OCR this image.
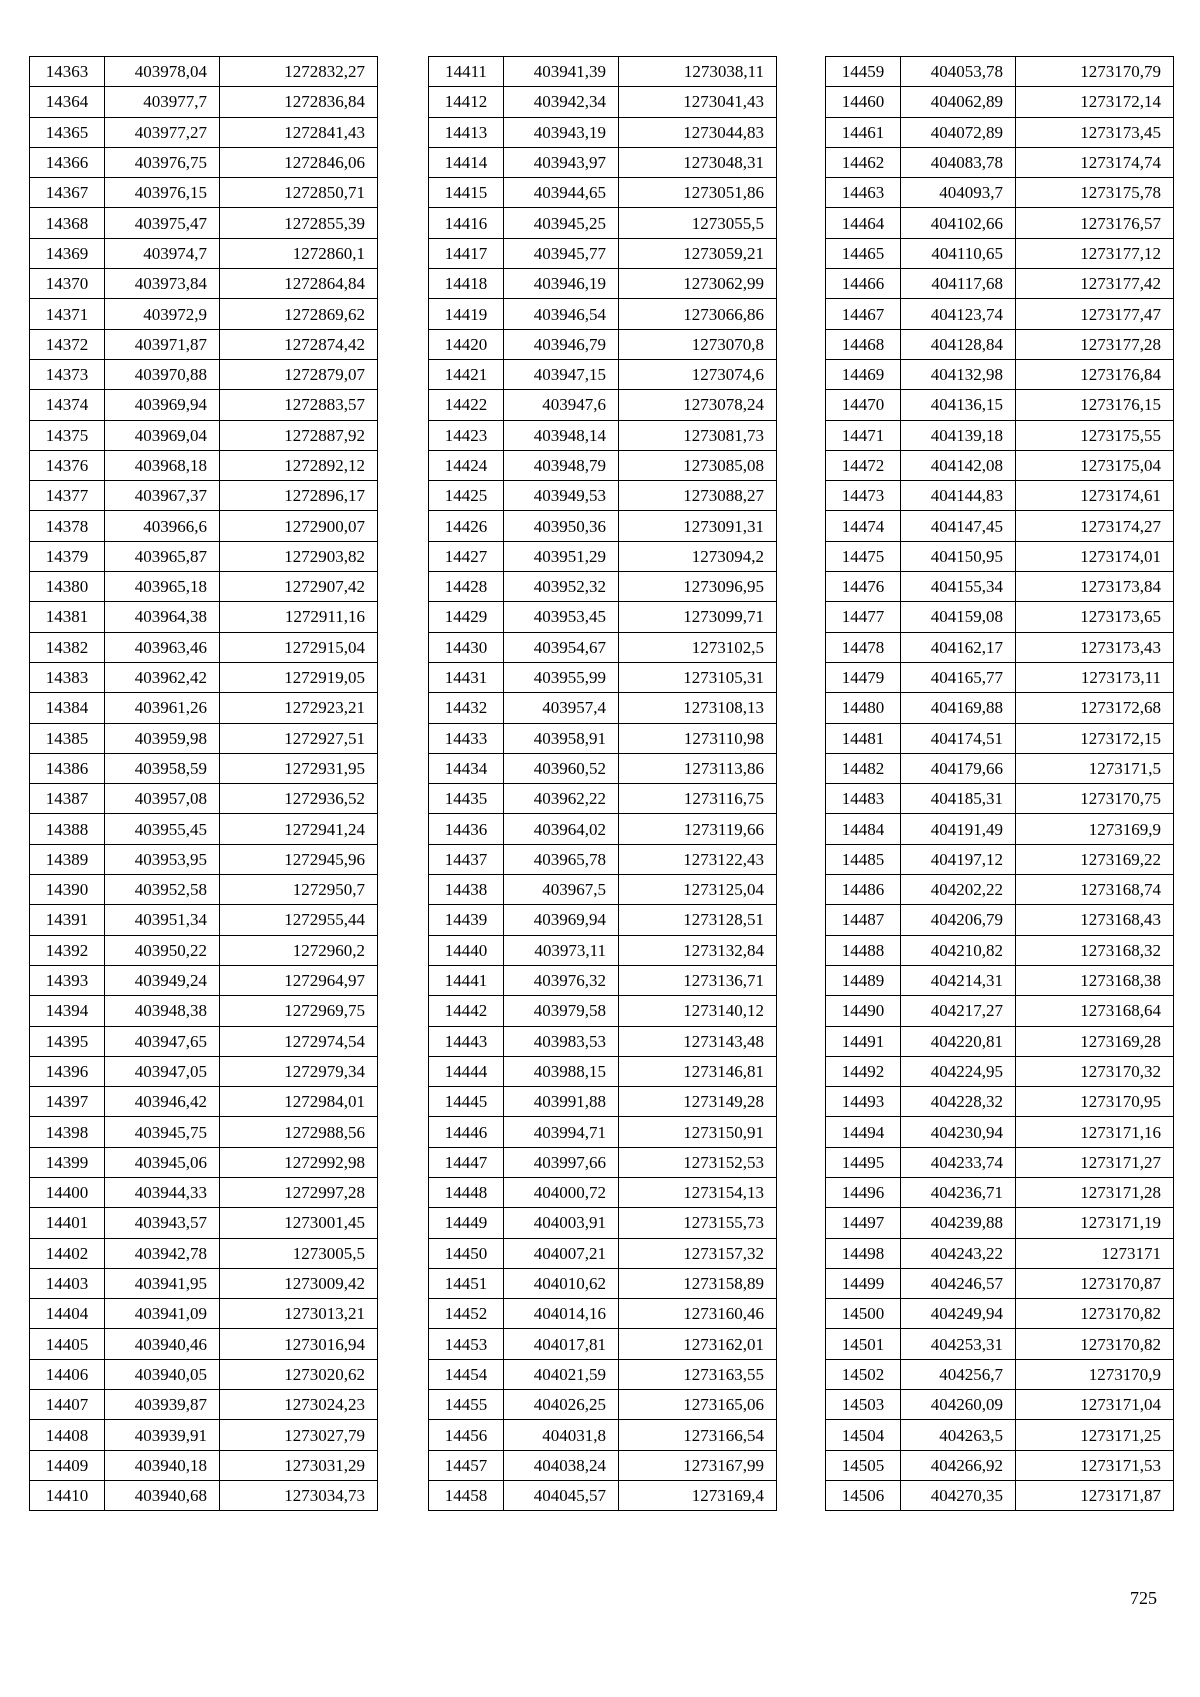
14363	403978,04	1272832,27
14364	403977,7	1272836,84
14365	403977,27	1272841,43
14366	403976,75	1272846,06
14367	403976,15	1272850,71
14368	403975,47	1272855,39
14369	403974,7	1272860,1
14370	403973,84	1272864,84
14371	403972,9	1272869,62
14372	403971,87	1272874,42
14373	403970,88	1272879,07
14374	403969,94	1272883,57
14375	403969,04	1272887,92
14376	403968,18	1272892,12
14377	403967,37	1272896,17
14378	403966,6	1272900,07
14379	403965,87	1272903,82
14380	403965,18	1272907,42
14381	403964,38	1272911,16
14382	403963,46	1272915,04
14383	403962,42	1272919,05
14384	403961,26	1272923,21
14385	403959,98	1272927,51
14386	403958,59	1272931,95
14387	403957,08	1272936,52
14388	403955,45	1272941,24
14389	403953,95	1272945,96
14390	403952,58	1272950,7
14391	403951,34	1272955,44
14392	403950,22	1272960,2
14393	403949,24	1272964,97
14394	403948,38	1272969,75
14395	403947,65	1272974,54
14396	403947,05	1272979,34
14397	403946,42	1272984,01
14398	403945,75	1272988,56
14399	403945,06	1272992,98
14400	403944,33	1272997,28
14401	403943,57	1273001,45
14402	403942,78	1273005,5
14403	403941,95	1273009,42
14404	403941,09	1273013,21
14405	403940,46	1273016,94
14406	403940,05	1273020,62
14407	403939,87	1273024,23
14408	403939,91	1273027,79
14409	403940,18	1273031,29
14410	403940,68	1273034,73
14411	403941,39	1273038,11
14412	403942,34	1273041,43
14413	403943,19	1273044,83
14414	403943,97	1273048,31
14415	403944,65	1273051,86
14416	403945,25	1273055,5
14417	403945,77	1273059,21
14418	403946,19	1273062,99
14419	403946,54	1273066,86
14420	403946,79	1273070,8
14421	403947,15	1273074,6
14422	403947,6	1273078,24
14423	403948,14	1273081,73
14424	403948,79	1273085,08
14425	403949,53	1273088,27
14426	403950,36	1273091,31
14427	403951,29	1273094,2
14428	403952,32	1273096,95
14429	403953,45	1273099,71
14430	403954,67	1273102,5
14431	403955,99	1273105,31
14432	403957,4	1273108,13
14433	403958,91	1273110,98
14434	403960,52	1273113,86
14435	403962,22	1273116,75
14436	403964,02	1273119,66
14437	403965,78	1273122,43
14438	403967,5	1273125,04
14439	403969,94	1273128,51
14440	403973,11	1273132,84
14441	403976,32	1273136,71
14442	403979,58	1273140,12
14443	403983,53	1273143,48
14444	403988,15	1273146,81
14445	403991,88	1273149,28
14446	403994,71	1273150,91
14447	403997,66	1273152,53
14448	404000,72	1273154,13
14449	404003,91	1273155,73
14450	404007,21	1273157,32
14451	404010,62	1273158,89
14452	404014,16	1273160,46
14453	404017,81	1273162,01
14454	404021,59	1273163,55
14455	404026,25	1273165,06
14456	404031,8	1273166,54
14457	404038,24	1273167,99
14458	404045,57	1273169,4
14459	404053,78	1273170,79
14460	404062,89	1273172,14
14461	404072,89	1273173,45
14462	404083,78	1273174,74
14463	404093,7	1273175,78
14464	404102,66	1273176,57
14465	404110,65	1273177,12
14466	404117,68	1273177,42
14467	404123,74	1273177,47
14468	404128,84	1273177,28
14469	404132,98	1273176,84
14470	404136,15	1273176,15
14471	404139,18	1273175,55
14472	404142,08	1273175,04
14473	404144,83	1273174,61
14474	404147,45	1273174,27
14475	404150,95	1273174,01
14476	404155,34	1273173,84
14477	404159,08	1273173,65
14478	404162,17	1273173,43
14479	404165,77	1273173,11
14480	404169,88	1273172,68
14481	404174,51	1273172,15
14482	404179,66	1273171,5
14483	404185,31	1273170,75
14484	404191,49	1273169,9
14485	404197,12	1273169,22
14486	404202,22	1273168,74
14487	404206,79	1273168,43
14488	404210,82	1273168,32
14489	404214,31	1273168,38
14490	404217,27	1273168,64
14491	404220,81	1273169,28
14492	404224,95	1273170,32
14493	404228,32	1273170,95
14494	404230,94	1273171,16
14495	404233,74	1273171,27
14496	404236,71	1273171,28
14497	404239,88	1273171,19
14498	404243,22	1273171
14499	404246,57	1273170,87
14500	404249,94	1273170,82
14501	404253,31	1273170,82
14502	404256,7	1273170,9
14503	404260,09	1273171,04
14504	404263,5	1273171,25
14505	404266,92	1273171,53
14506	404270,35	1273171,87
725
